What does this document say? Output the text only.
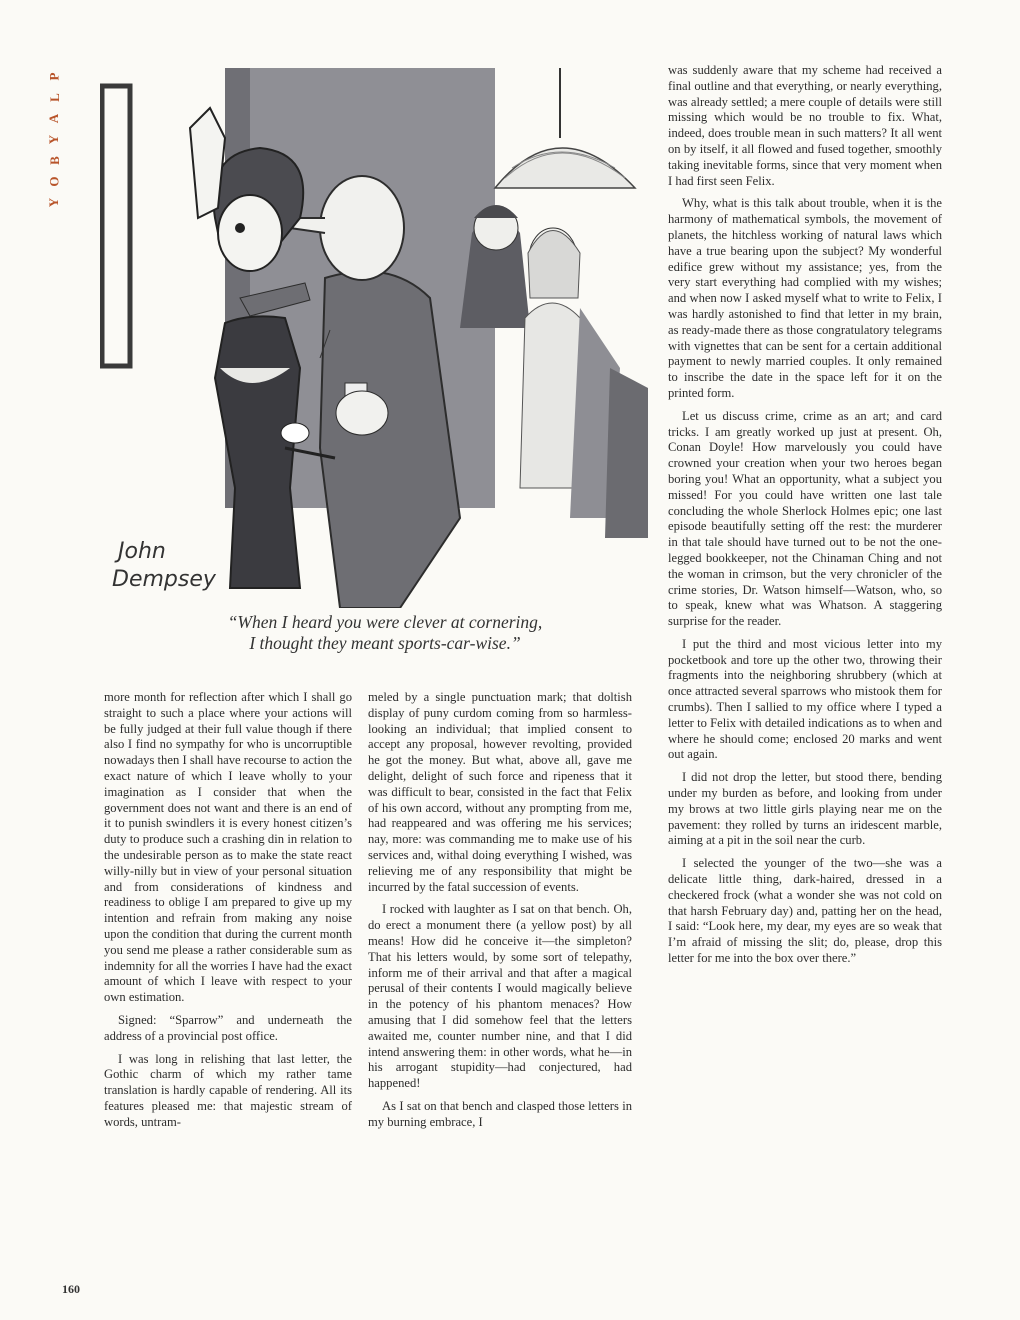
P
L
A
Y
B
O
Y
John
Dempsey
“When I heard you were clever at cornering,
I thought they meant sports-car-wise.”

more month for reflection after which I shall go straight to such a place where your actions will be fully judged at their full value though if there also I find no sympathy for who is uncorruptible nowadays then I shall have recourse to action the exact nature of which I leave wholly to your imagination as I consider that when the government does not want and there is an end of it to punish swindlers it is every honest citizen’s duty to produce such a crashing din in relation to the undesirable person as to make the state react willy-nilly but in view of your personal situation and from considerations of kindness and readiness to oblige I am prepared to give up my intention and refrain from making any noise upon the condition that during the current month you send me please a rather considerable sum as indemnity for all the worries I have had the exact amount of which I leave with respect to your own estimation.

Signed: “Sparrow” and underneath the address of a provincial post office.

I was long in relishing that last letter, the Gothic charm of which my rather tame translation is hardly capable of rendering. All its features pleased me: that majestic stream of words, untram-

meled by a single punctuation mark; that doltish display of puny curdom coming from so harmless-looking an individual; that implied consent to accept any proposal, however revolting, provided he got the money. But what, above all, gave me delight, delight of such force and ripeness that it was difficult to bear, consisted in the fact that Felix of his own accord, without any prompting from me, had reappeared and was offering me his services; nay, more: was commanding me to make use of his services and, withal doing everything I wished, was relieving me of any responsibility that might be incurred by the fatal succession of events.

I rocked with laughter as I sat on that bench. Oh, do erect a monument there (a yellow post) by all means! How did he conceive it—the simpleton? That his letters would, by some sort of telepathy, inform me of their arrival and that after a magical perusal of their contents I would magically believe in the potency of his phantom menaces? How amusing that I did somehow feel that the letters awaited me, counter number nine, and that I did intend answering them: in other words, what he—in his arrogant stupidity—had conjectured, had happened!

As I sat on that bench and clasped those letters in my burning embrace, I

was suddenly aware that my scheme had received a final outline and that everything, or nearly everything, was already settled; a mere couple of details were still missing which would be no trouble to fix. What, indeed, does trouble mean in such matters? It all went on by itself, it all flowed and fused together, smoothly taking inevitable forms, since that very moment when I had first seen Felix.

Why, what is this talk about trouble, when it is the harmony of mathematical symbols, the movement of planets, the hitchless working of natural laws which have a true bearing upon the subject? My wonderful edifice grew without my assistance; yes, from the very start everything had complied with my wishes; and when now I asked myself what to write to Felix, I was hardly astonished to find that letter in my brain, as ready-made there as those congratulatory telegrams with vignettes that can be sent for a certain additional payment to newly married couples. It only remained to inscribe the date in the space left for it on the printed form.

Let us discuss crime, crime as an art; and card tricks. I am greatly worked up just at present. Oh, Conan Doyle! How marvelously you could have crowned your creation when your two heroes began boring you! What an opportunity, what a subject you missed! For you could have written one last tale concluding the whole Sherlock Holmes epic; one last episode beautifully setting off the rest: the murderer in that tale should have turned out to be not the one-legged bookkeeper, not the Chinaman Ching and not the woman in crimson, but the very chronicler of the crime stories, Dr. Watson himself—Watson, who, so to speak, knew what was Whatson. A staggering surprise for the reader.

I put the third and most vicious letter into my pocketbook and tore up the other two, throwing their fragments into the neighboring shrubbery (which at once attracted several sparrows who mistook them for crumbs). Then I sallied to my office where I typed a letter to Felix with detailed indications as to when and where he should come; enclosed 20 marks and went out again.

I did not drop the letter, but stood there, bending under my burden as before, and looking from under my brows at two little girls playing near me on the pavement: they rolled by turns an iridescent marble, aiming at a pit in the soil near the curb.

I selected the younger of the two—she was a delicate little thing, dark-haired, dressed in a checkered frock (what a wonder she was not cold on that harsh February day) and, patting her on the head, I said: “Look here, my dear, my eyes are so weak that I’m afraid of missing the slit; do, please, drop this letter for me into the box over there.”

160
